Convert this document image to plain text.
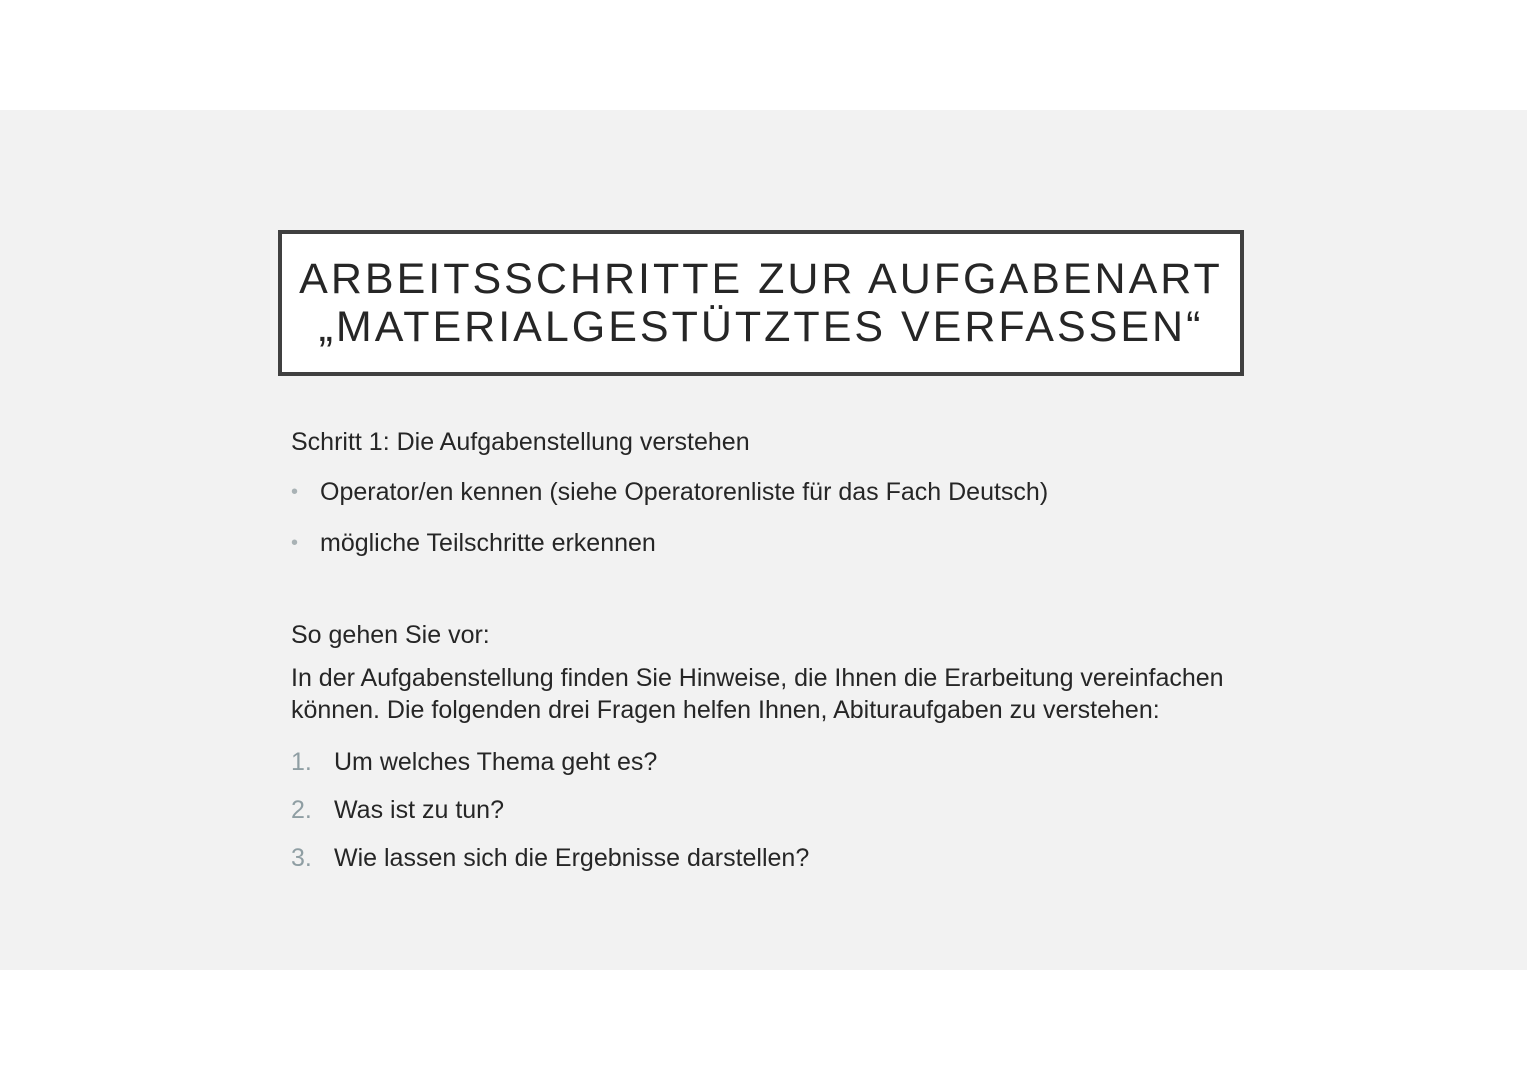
ARBEITSSCHRITTE ZUR AUFGABENART
„MATERIALGESTÜTZTES VERFASSEN“

Schritt 1: Die Aufgabenstellung verstehen

• Operator/en kennen (siehe Operatorenliste für das Fach Deutsch)
• mögliche Teilschritte erkennen
So gehen Sie vor:
In der Aufgabenstellung finden Sie Hinweise, die Ihnen die Erarbeitung vereinfachen
können. Die folgenden drei Fragen helfen Ihnen, Abituraufgaben zu verstehen:
1. Um welches Thema geht es?
2. Was ist zu tun?
3. Wie lassen sich die Ergebnisse darstellen?
